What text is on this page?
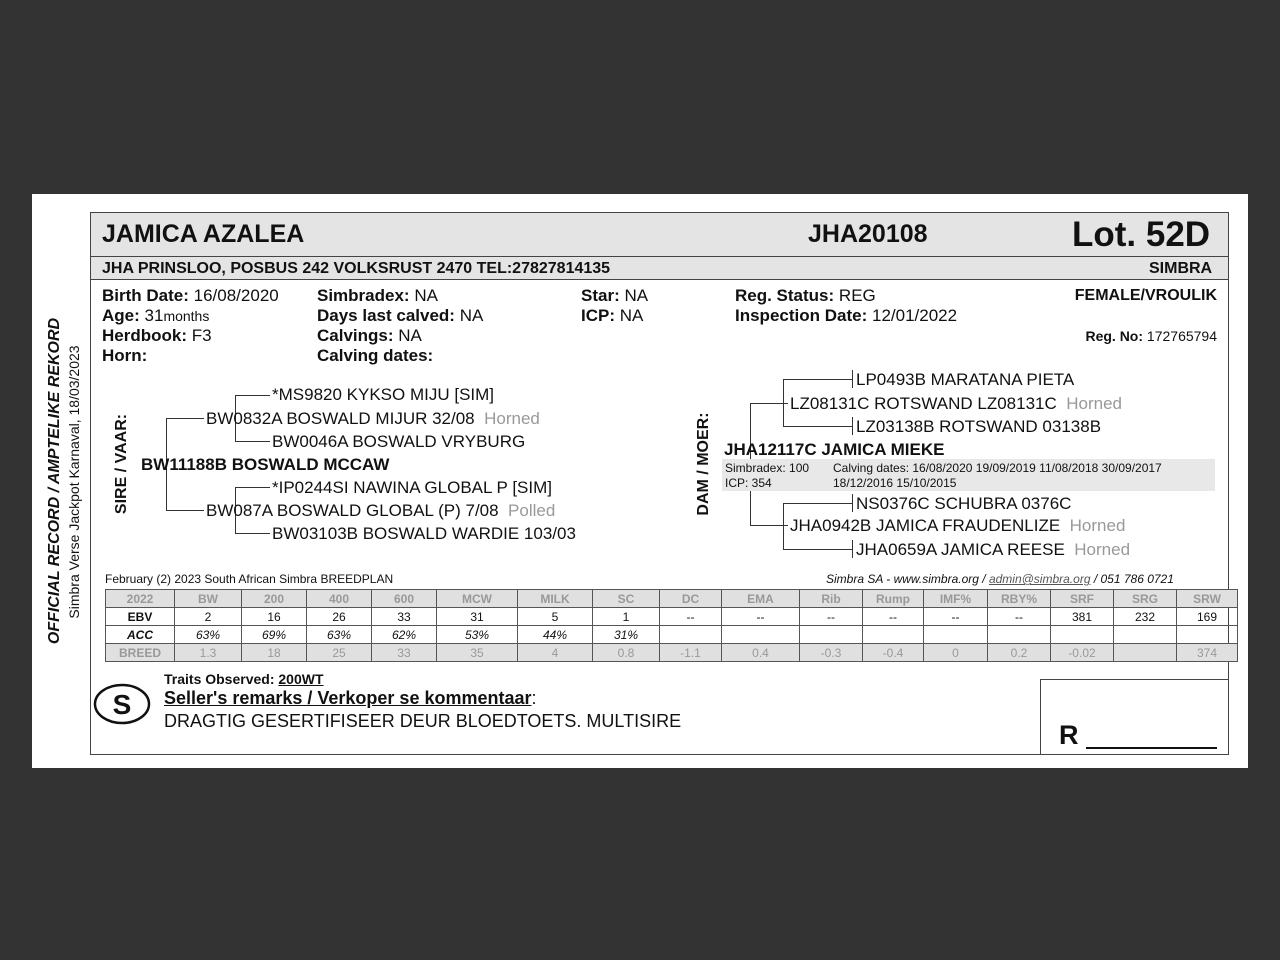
OFFICIAL RECORD / AMPTELIKE REKORD Simbra Verse Jackpot Karnaval, 18/03/2023
JAMICA AZALEA	JHA20108	Lot. 52D
JHA PRINSLOO, POSBUS 242 VOLKSRUST 2470 TEL:27827814135	SIMBRA
Birth Date: 16/08/2020
Age: 31months
Herdbook: F3
Horn:
Simbradex: NA
Days last calved: NA
Calvings: NA
Calving dates:
Star: NA
ICP: NA
Reg. Status: REG
Inspection Date: 12/01/2022
FEMALE/VROULIK
Reg. No: 172765794
SIRE / VAAR:
*MS9820 KYKSO MIJU [SIM]
BW0832A BOSWALD MIJUR 32/08 Horned
BW0046A BOSWALD VRYBURG
BW11188B BOSWALD MCCAW
*IP0244SI NAWINA GLOBAL P [SIM]
BW087A BOSWALD GLOBAL (P) 7/08 Polled
BW03103B BOSWALD WARDIE 103/03
DAM / MOER:
LP0493B MARATANA PIETA
LZ08131C ROTSWAND LZ08131C Horned
LZ03138B ROTSWAND 03138B
JHA12117C JAMICA MIEKE
Simbradex: 100
ICP: 354
Calving dates: 16/08/2020 19/09/2019 11/08/2018 30/09/2017
18/12/2016 15/10/2015
NS0376C SCHUBRA 0376C
JHA0942B JAMICA FRAUDENLIZE Horned
JHA0659A JAMICA REESE Horned
February (2) 2023 South African Simbra BREEDPLAN	Simbra SA - www.simbra.org / admin@simbra.org / 051 786 0721
2022	BW	200	400	600	MCW	MILK	SC	DC	EMA	Rib	Rump	IMF%	RBY%	SRF	SRG	SRW
EBV	2	16	26	33	31	5	1	--	--	--	--	--	--	381	232	169
ACC	63%	69%	63%	62%	53%	44%	31%									
BREED	1.3	18	25	33	35	4	0.8	-1.1	0.4	-0.3	-0.4	0	0.2	-0.02		374
S
Traits Observed: 200WT
Seller's remarks / Verkoper se kommentaar:
DRAGTIG GESERTIFISEER DEUR BLOEDTOETS. MULTISIRE	R
